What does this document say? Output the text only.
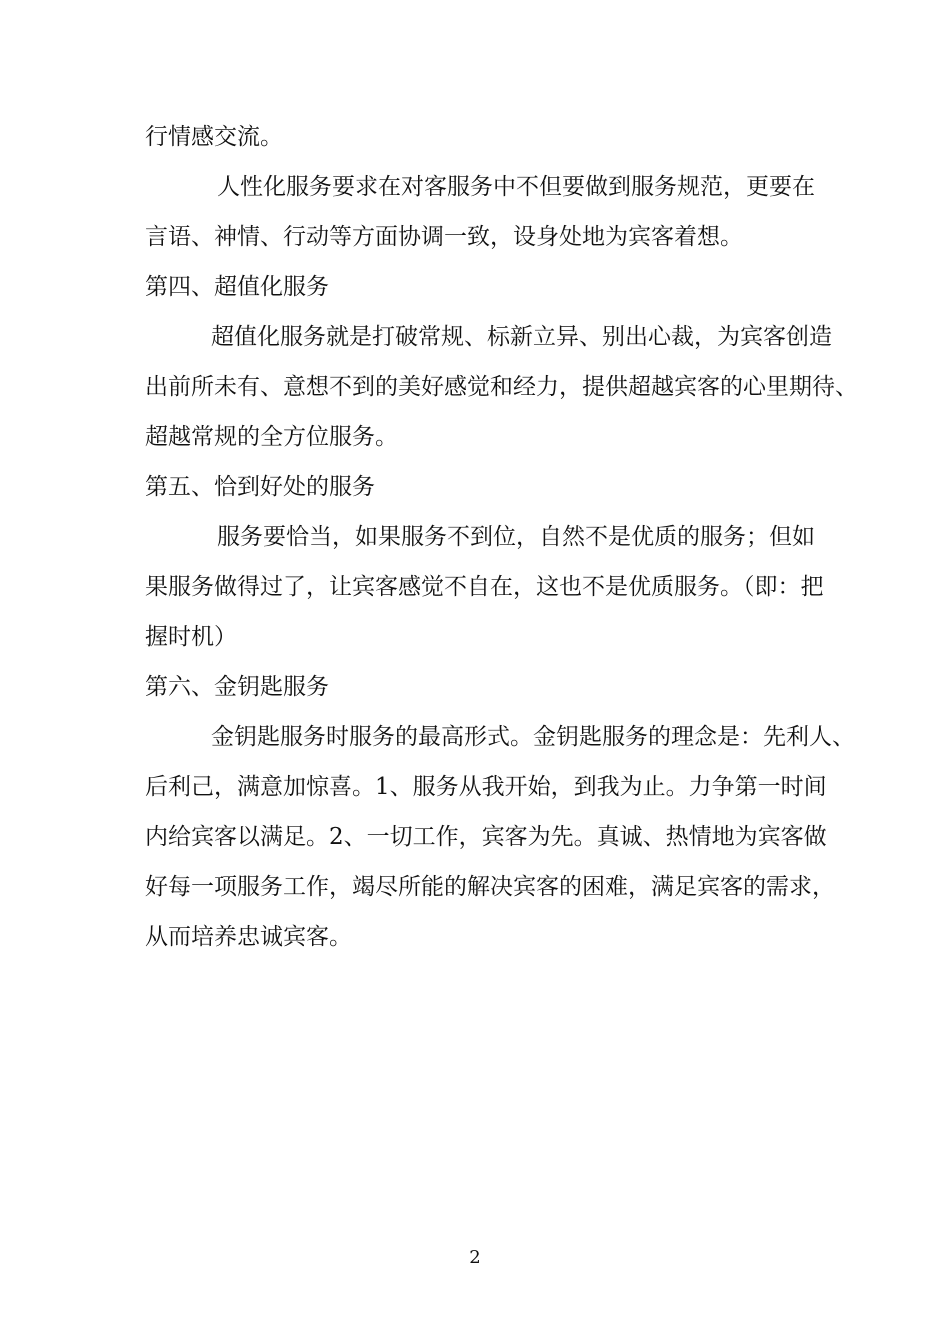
行情感交流。
人性化服务要求在对客服务中不但要做到服务规范，更要在
言语、神情、行动等方面协调一致，设身处地为宾客着想。
第四、超值化服务
超值化服务就是打破常规、标新立异、别出心裁，为宾客创造
出前所未有、意想不到的美好感觉和经力，提供超越宾客的心里期待、
超越常规的全方位服务。
第五、恰到好处的服务
服务要恰当，如果服务不到位，自然不是优质的服务；但如
果服务做得过了，让宾客感觉不自在，这也不是优质服务。（即：把
握时机）
第六、金钥匙服务
金钥匙服务时服务的最高形式。金钥匙服务的理念是：先利人、
后利己，满意加惊喜。1、服务从我开始，到我为止。力争第一时间
内给宾客以满足。2、一切工作，宾客为先。真诚、热情地为宾客做
好每一项服务工作，竭尽所能的解决宾客的困难，满足宾客的需求，
从而培养忠诚宾客。
2
